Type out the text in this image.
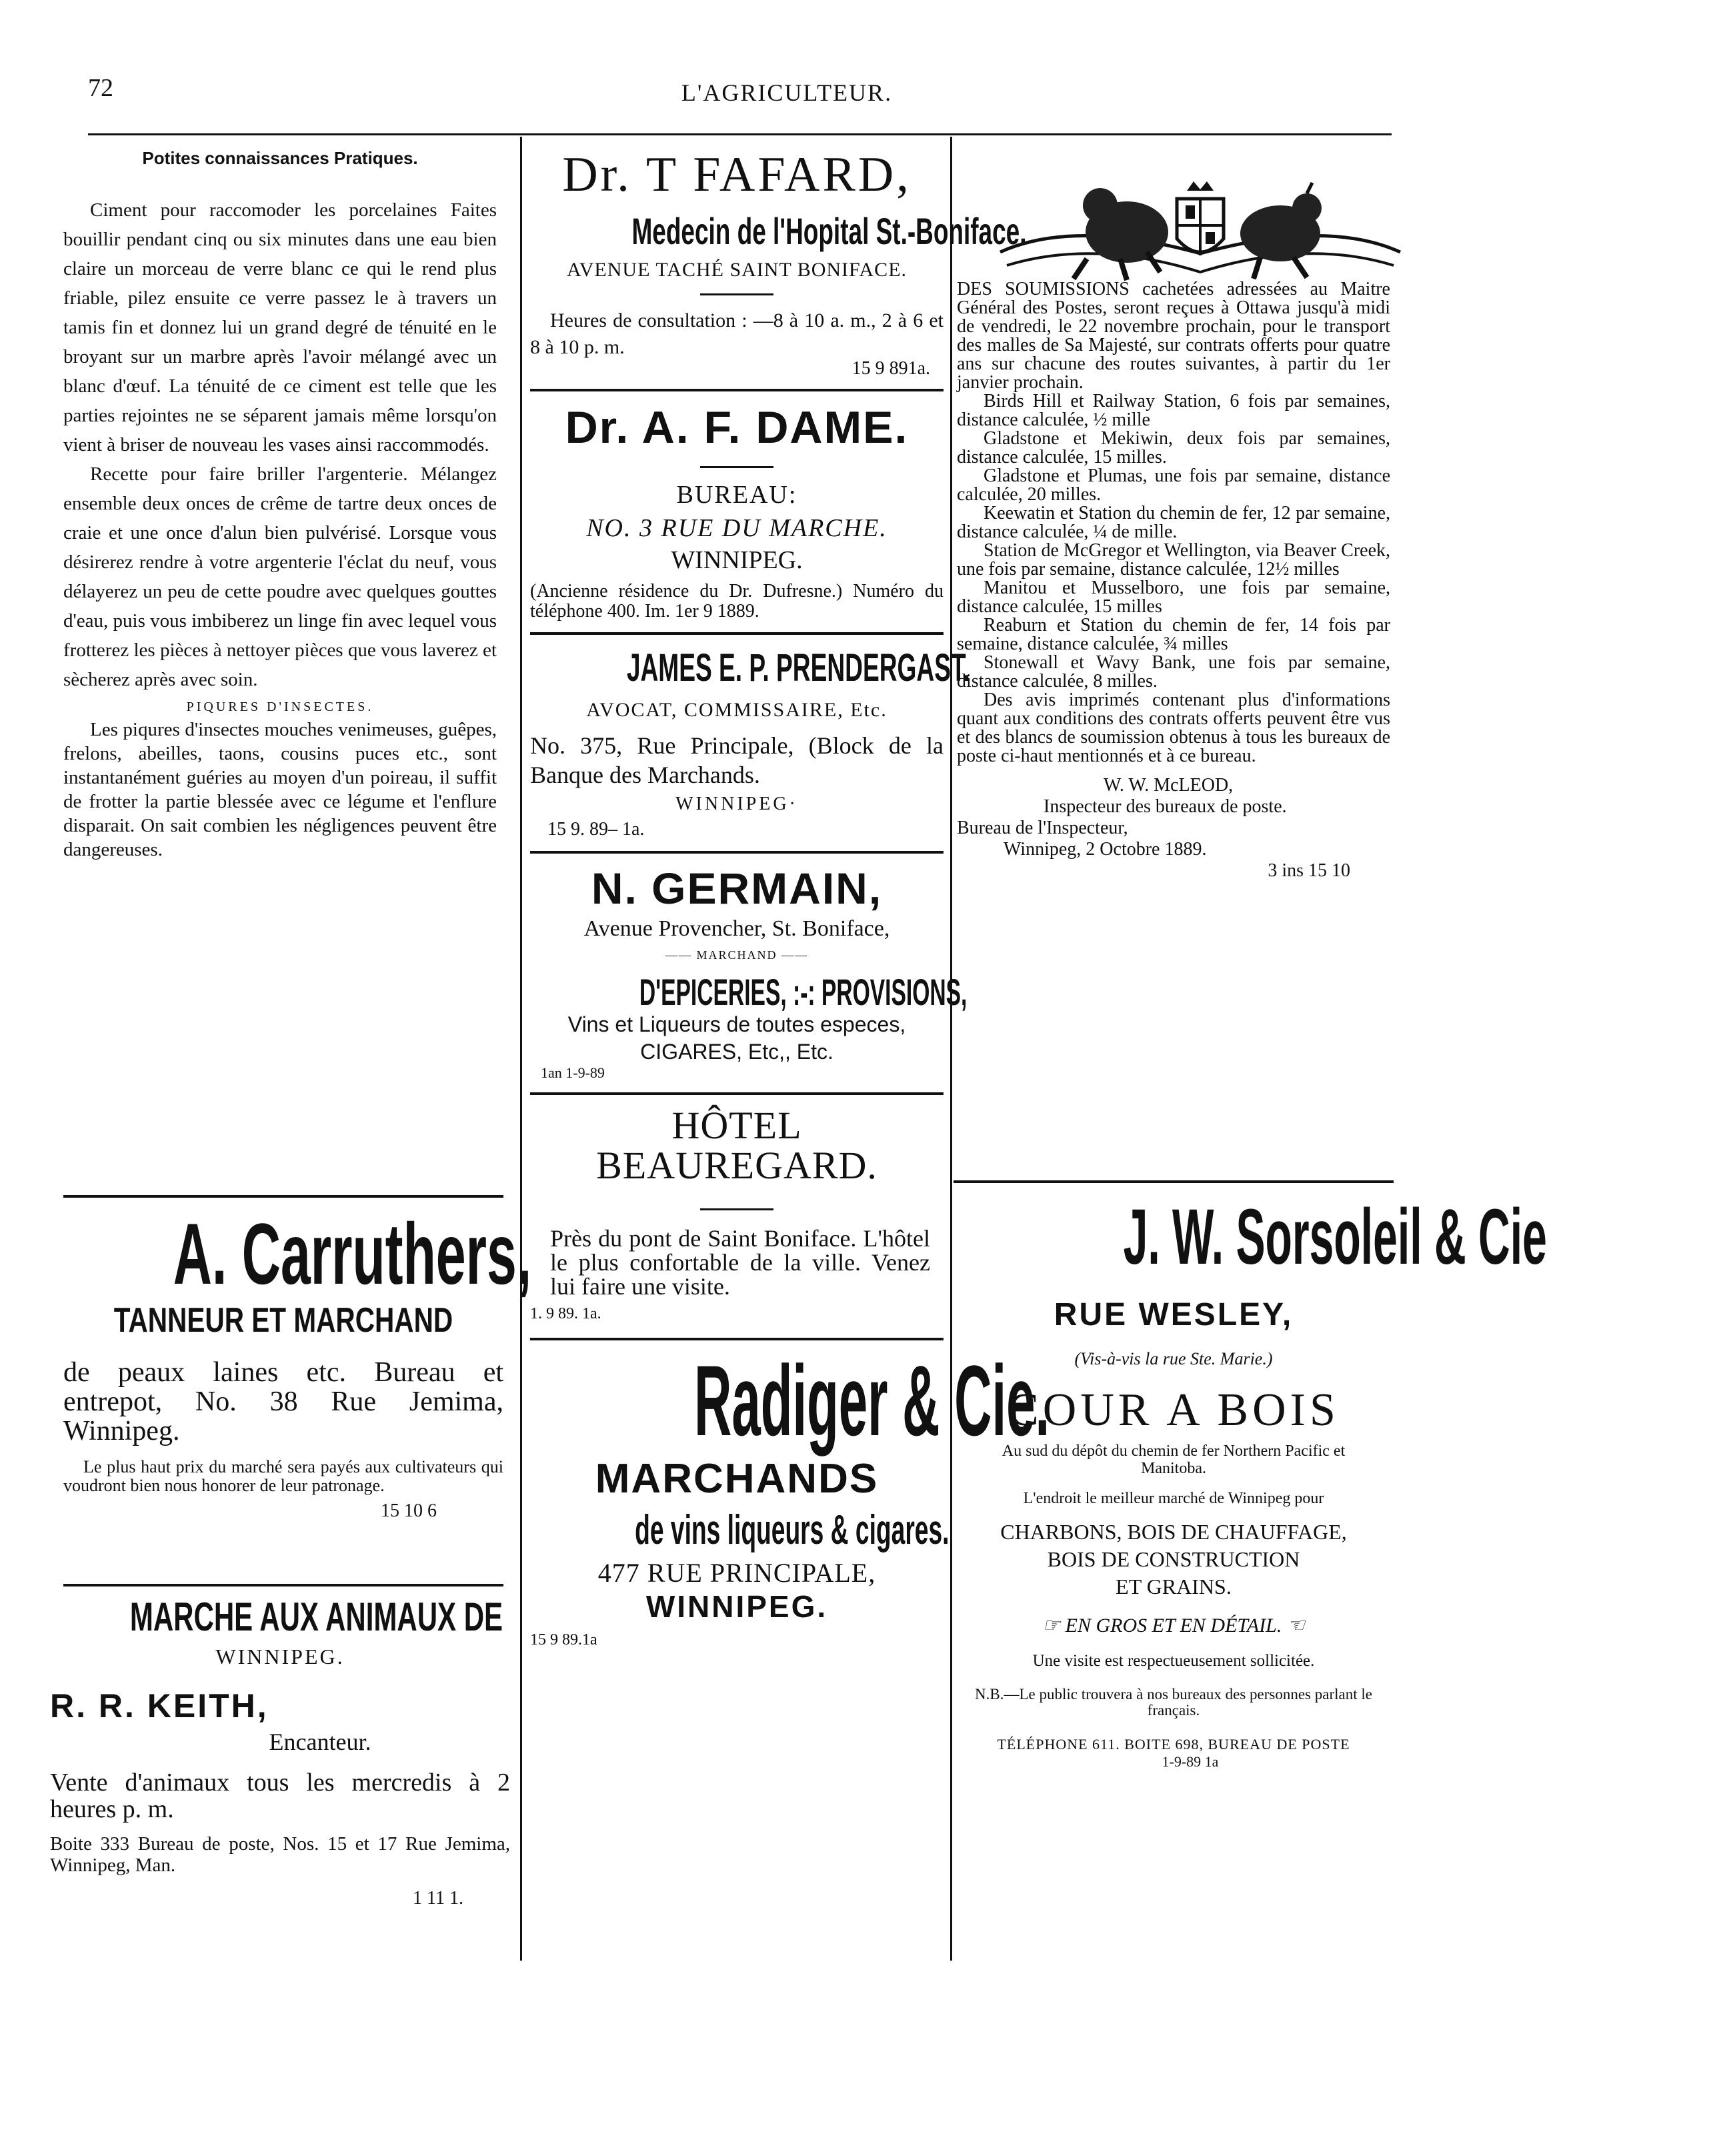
72	L'AGRICULTEUR.
Potites connaissances Pratiques.

Ciment pour raccomoder les porcelaines Faites bouillir pendant cinq ou six minutes dans une eau bien claire un morceau de verre blanc ce qui le rend plus friable, pilez ensuite ce verre passez le à travers un tamis fin et donnez lui un grand degré de ténuité en le broyant sur un marbre après l'avoir mélangé avec un blanc d'œuf. La ténuité de ce ciment est telle que les parties rejointes ne se séparent jamais même lorsqu'on vient à briser de nouveau les vases ainsi raccommodés.

Recette pour faire briller l'argenterie. Mélangez ensemble deux onces de crême de tartre deux onces de craie et une once d'alun bien pulvérisé. Lorsque vous désirerez rendre à votre argenterie l'éclat du neuf, vous délayerez un peu de cette poudre avec quelques gouttes d'eau, puis vous imbiberez un linge fin avec lequel vous frotterez les pièces à nettoyer pièces que vous laverez et sècherez après avec soin.

PIQURES D'INSECTES.

Les piqures d'insectes mouches venimeuses, guêpes, frelons, abeilles, taons, cousins puces etc., sont instantanément guéries au moyen d'un poireau, il suffit de frotter la partie blessée avec ce légume et l'enflure disparait. On sait combien les négligences peuvent être dangereuses.

A. Carruthers,
TANNEUR ET MARCHAND

de peaux laines etc. Bureau et entrepot, No. 38 Rue Jemima, Winnipeg.

Le plus haut prix du marché sera payés aux cultivateurs qui voudront bien nous honorer de leur patronage.

15 10 6
MARCHE AUX ANIMAUX DE
WINNIPEG.
R. R. KEITH,
Encanteur.

Vente d'animaux tous les mercredis à 2 heures p. m.

Boite 333 Bureau de poste, Nos. 15 et 17 Rue Jemima, Winnipeg, Man.

1 11 1.
Dr. T FAFARD,
Medecin de l'Hopital St.-Boniface.
AVENUE TACHÉ SAINT BONIFACE.

Heures de consultation : —8 à 10 a. m., 2 à 6 et 8 à 10 p. m.

15 9 891a.
Dr. A. F. DAME.
BUREAU:
NO. 3 RUE DU MARCHE.
WINNIPEG.

(Ancienne résidence du Dr. Dufresne.) Numéro du téléphone 400. Im. 1er 9 1889.

JAMES E. P. PRENDERGAST.
AVOCAT, COMMISSAIRE, Etc.

No. 375, Rue Principale, (Block de la Banque des Marchands.

WINNIPEG·
15 9. 89– 1a.
N. GERMAIN,
Avenue Provencher, St. Boniface,
—— MARCHAND ——
D'EPICERIES, :-: PROVISIONS,
Vins et Liqueurs de toutes especes,
CIGARES, Etc,, Etc.
1an 1-9-89
HÔTEL BEAUREGARD.

Près du pont de Saint Boniface. L'hôtel le plus confortable de la ville. Venez lui faire une visite.

1. 9 89. 1a.
Radiger & Cie.
MARCHANDS
de vins liqueurs & cigares.
477 RUE PRINCIPALE,
WINNIPEG.
15 9 89.1a

DES SOUMISSIONS cachetées adressées au Maitre Général des Postes, seront reçues à Ottawa jusqu'à midi de vendredi, le 22 novembre prochain, pour le transport des malles de Sa Majesté, sur contrats offerts pour quatre ans sur chacune des routes suivantes, à partir du 1er janvier prochain.

Birds Hill et Railway Station, 6 fois par semaines, distance calculée, ½ mille

Gladstone et Mekiwin, deux fois par semaines, distance calculée, 15 milles.

Gladstone et Plumas, une fois par semaine, distance calculée, 20 milles.

Keewatin et Station du chemin de fer, 12 par semaine, distance calculée, ¼ de mille.

Station de McGregor et Wellington, via Beaver Creek, une fois par semaine, distance calculée, 12½ milles

Manitou et Musselboro, une fois par semaine, distance calculée, 15 milles

Reaburn et Station du chemin de fer, 14 fois par semaine, distance calculée, ¾ milles

Stonewall et Wavy Bank, une fois par semaine, distance calculée, 8 milles.

Des avis imprimés contenant plus d'informations quant aux conditions des contrats offerts peuvent être vus et des blancs de soumission obtenus à tous les bureaux de poste ci-haut mentionnés et à ce bureau.

W. W. McLEOD,
Inspecteur des bureaux de poste.
Bureau de l'Inspecteur,
Winnipeg, 2 Octobre 1889.
3 ins 15 10
J. W. Sorsoleil & Cie
RUE WESLEY,
(Vis-à-vis la rue Ste. Marie.)
COUR A BOIS
Au sud du dépôt du chemin de fer Northern Pacific et Manitoba.
L'endroit le meilleur marché de Winnipeg pour
CHARBONS, BOIS DE CHAUFFAGE,
BOIS DE CONSTRUCTION
ET GRAINS.
☞ EN GROS ET EN DÉTAIL. ☜
Une visite est respectueusement sollicitée.
N.B.—Le public trouvera à nos bureaux des personnes parlant le français.
TÉLÉPHONE 611. BOITE 698, BUREAU DE POSTE
1-9-89 1a
